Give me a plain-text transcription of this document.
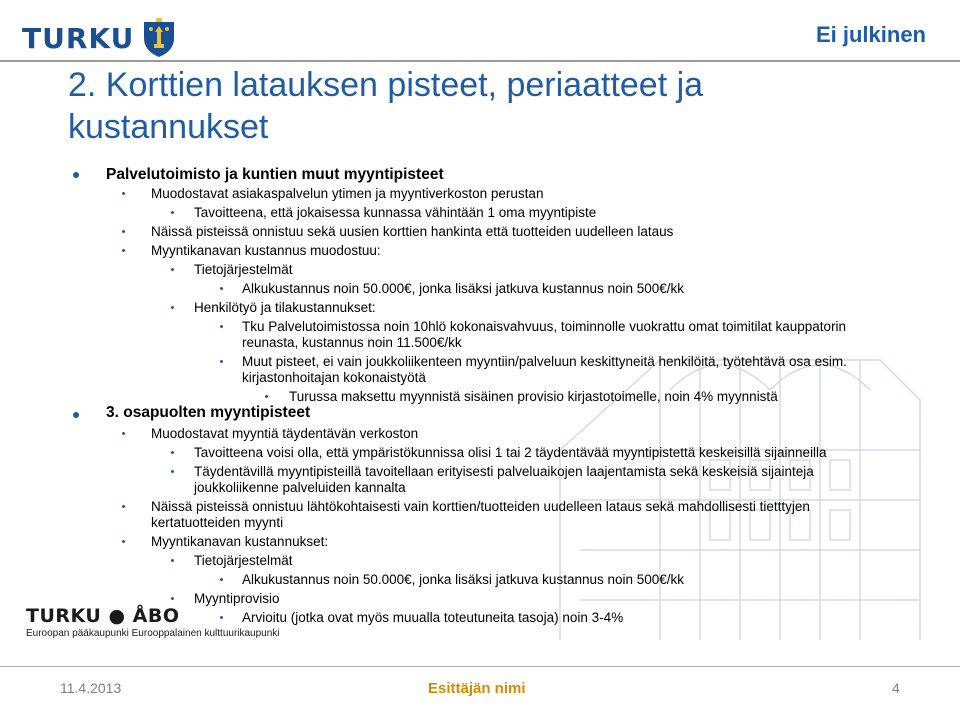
TURKU	Ei julkinen
2. Korttien latauksen pisteet, periaatteet ja kustannukset
Palvelutoimisto ja kuntien muut myyntipisteet
Muodostavat asiakaspalvelun ytimen ja myyntiverkoston perustan
Tavoitteena, että jokaisessa kunnassa vähintään 1 oma myyntipiste
Näissä pisteissä onnistuu sekä uusien korttien hankinta että tuotteiden uudelleen lataus
Myyntikanavan kustannus muodostuu:
Tietojärjestelmät
Alkukustannus noin 50.000€, jonka lisäksi jatkuva kustannus noin 500€/kk
Henkilötyö ja tilakustannukset:
Tku Palvelutoimistossa noin 10hlö kokonaisvahvuus, toiminnolle vuokrattu omat toimitilat kauppatorin reunasta, kustannus noin 11.500€/kk
Muut pisteet, ei vain joukkoliikenteen myyntiin/palveluun keskittyneitä henkilöitä, työtehtävä osa esim. kirjastonhoitajan kokonaistyötä
Turussa maksettu myynnistä sisäinen provisio kirjastotoimelle, noin 4% myynnistä
3. osapuolten myyntipisteet
Muodostavat myyntiä täydentävän verkoston
Tavoitteena voisi olla, että ympäristökunnissa olisi 1 tai 2 täydentävää myyntipistettä keskeisillä sijainneilla
Täydentävillä myyntipisteillä tavoitellaan erityisesti palveluaikojen laajentamista sekä keskeisiä sijainteja joukkoliikenne palveluiden kannalta
Näissä pisteissä onnistuu lähtökohtaisesti vain korttien/tuotteiden uudelleen lataus sekä mahdollisesti tietttyjen kertatuotteiden myynti
Myyntikanavan kustannukset:
Tietojärjestelmät
Alkukustannus noin 50.000€, jonka lisäksi jatkuva kustannus noin 500€/kk
Myyntiprovisio
Arvioitu (jotka ovat myös muualla toteutuneita tasoja) noin 3-4%
TURKU ● ÅBO
Euroopan pääkaupunki Eurooppalainen kulttuurikaupunki
11.4.2013	Esittäjän nimi	4
